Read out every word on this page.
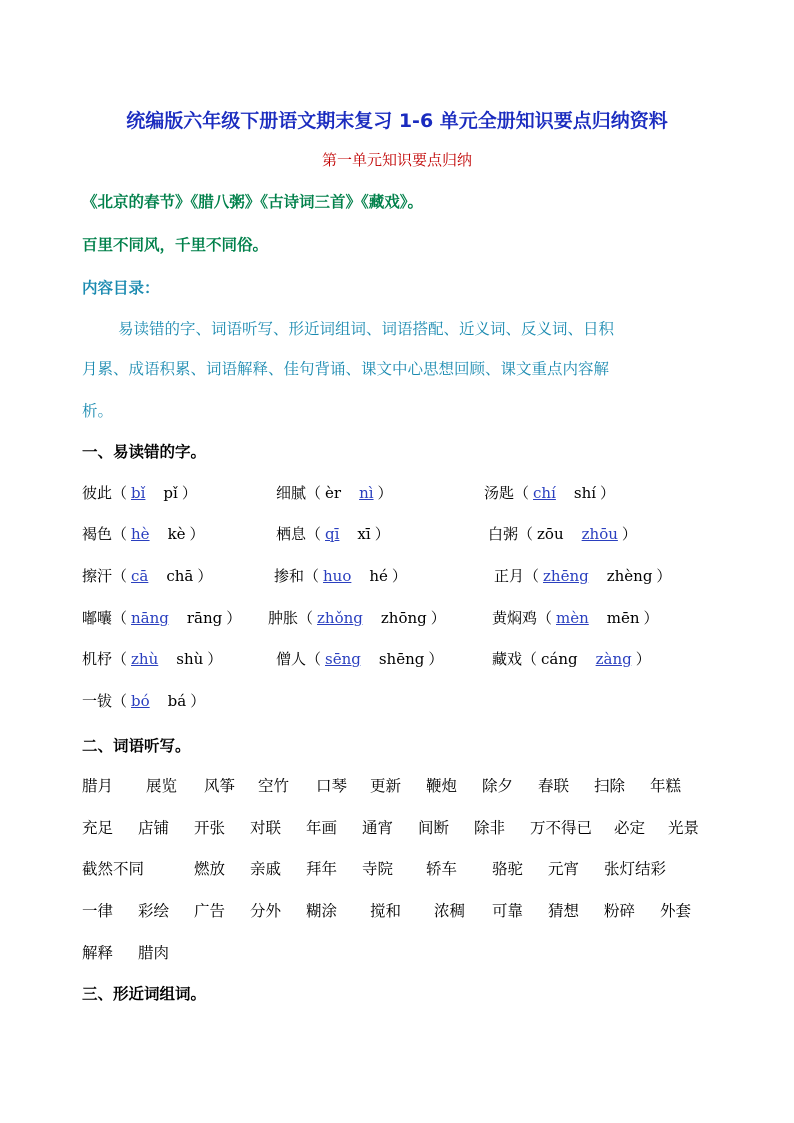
统编版六年级下册语文期末复习 1-6 单元全册知识要点归纳资料
第一单元知识要点归纳
《北京的春节》《腊八粥》《古诗词三首》《藏戏》。
百里不同风，千里不同俗。
内容目录：
易读错的字、词语听写、形近词组词、词语搭配、近义词、反义词、日积
月累、成语积累、词语解释、佳句背诵、课文中心思想回顾、课文重点内容解
析。
一、易读错的字。
彼此（ bǐ pǐ ）	细腻（ èr nì ）	汤匙（ chí shí ）
褐色（ hè kè ）	栖息（ qī xī ）	白粥（ zōu zhōu ）
擦汗（ cā chā ）	掺和（ huo hé ）	正月（ zhēng zhèng ）
嘟囔（ nāng rāng ） 肿胀（ zhǒng zhōng ）	黄焖鸡（ mèn mēn ）
机杼（ zhù shù ）	僧人（ sēng shēng ）	藏戏（ cáng zàng ）
一钹（ bó bá ）
二、词语听写。
腊月 展览 风筝 空竹 口琴 更新 鞭炮 除夕 春联 扫除 年糕
充足 店铺 开张 对联 年画 通宵 间断 除非 万不得已 必定 光景
截然不同	燃放 亲戚 拜年 寺院 轿车 骆驼 元宵 张灯结彩
一律 彩绘 广告 分外 糊涂 搅和 浓稠 可靠 猜想 粉碎 外套
解释 腊肉
三、形近词组词。
